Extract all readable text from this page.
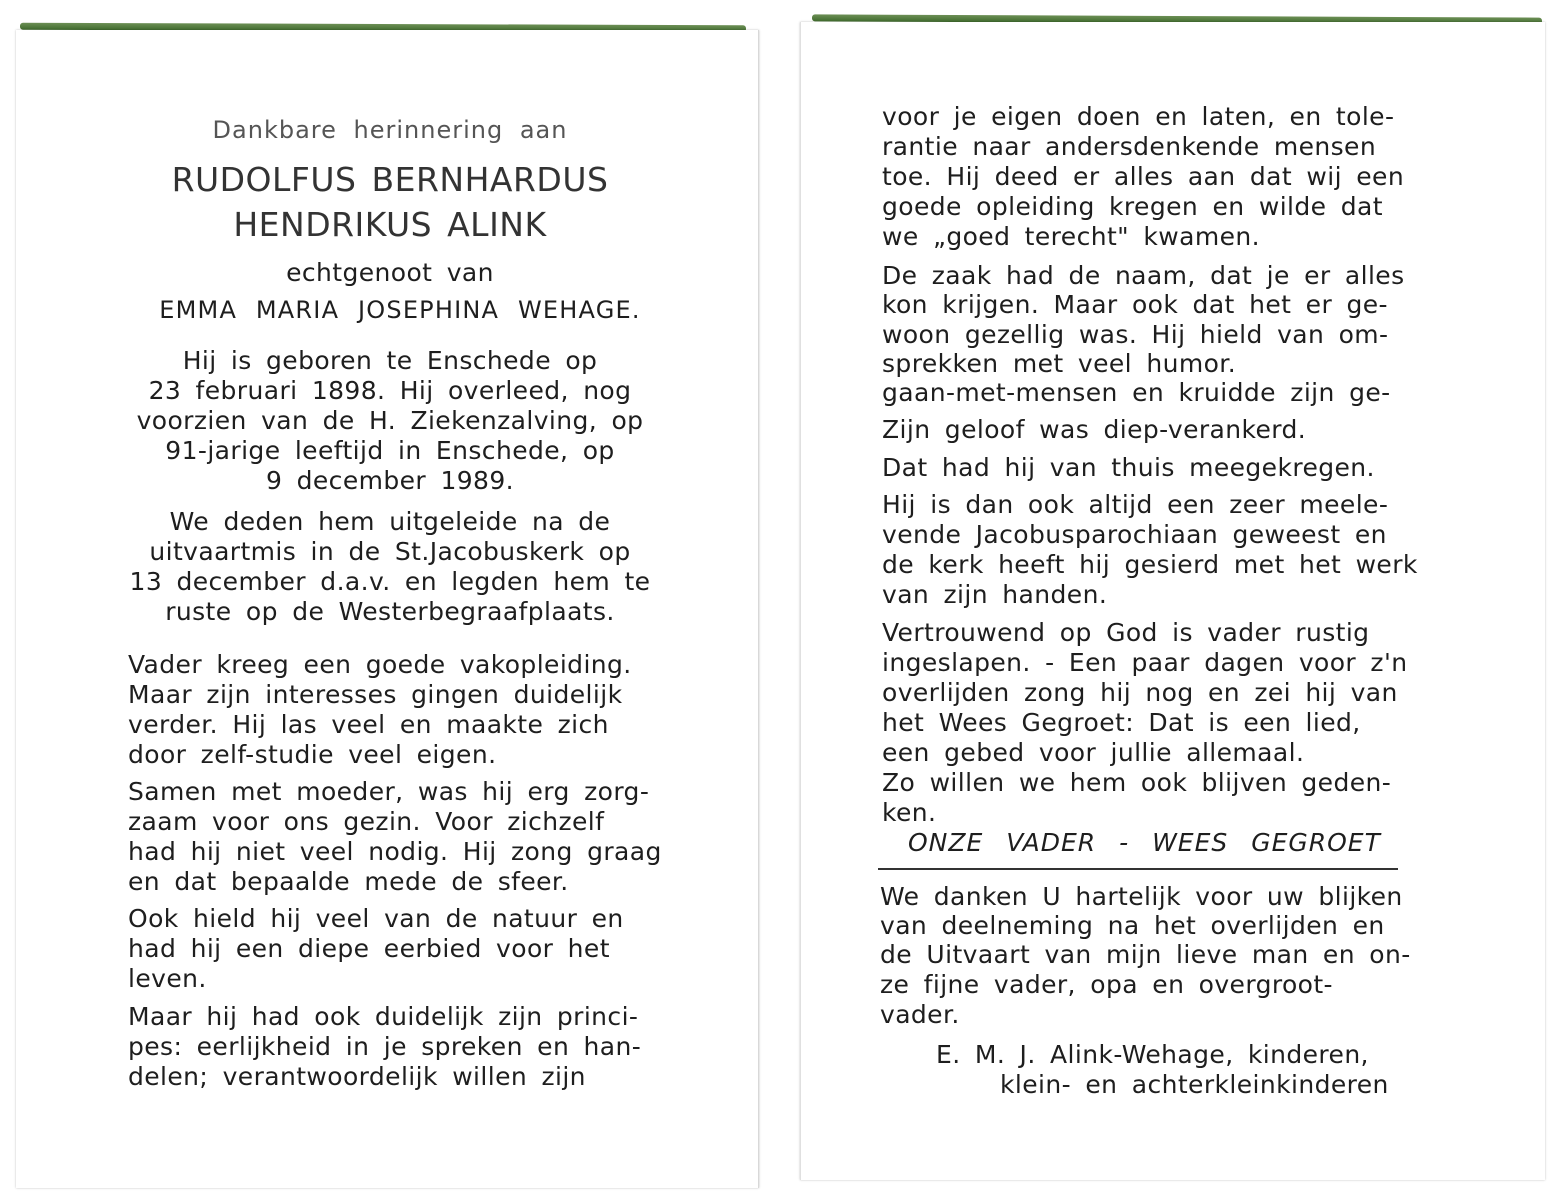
Dankbare herinnering aan
RUDOLFUS BERNHARDUS
HENDRIKUS ALINK
echtgenoot van
EMMA MARIA JOSEPHINA WEHAGE.
Hij is geboren te Enschede op
23 februari 1898. Hij overleed, nog
voorzien van de H. Ziekenzalving, op
91-jarige leeftijd in Enschede, op
9 december 1989.
We deden hem uitgeleide na de
uitvaartmis in de St.Jacobuskerk op
13 december d.a.v. en legden hem te
ruste op de Westerbegraafplaats.
Vader kreeg een goede vakopleiding.
Maar zijn interesses gingen duidelijk
verder. Hij las veel en maakte zich
door zelf-studie veel eigen.
Samen met moeder, was hij erg zorg-
zaam voor ons gezin. Voor zichzelf
had hij niet veel nodig. Hij zong graag
en dat bepaalde mede de sfeer.
Ook hield hij veel van de natuur en
had hij een diepe eerbied voor het
leven.
Maar hij had ook duidelijk zijn princi-
pes: eerlijkheid in je spreken en han-
delen; verantwoordelijk willen zijn
voor je eigen doen en laten, en tole-
rantie naar andersdenkende mensen
toe. Hij deed er alles aan dat wij een
goede opleiding kregen en wilde dat
we „goed terecht" kwamen.
De zaak had de naam, dat je er alles
kon krijgen. Maar ook dat het er ge-
woon gezellig was. Hij hield van om-
sprekken met veel humor.
gaan-met-mensen en kruidde zijn ge-
Zijn geloof was diep-verankerd.
Dat had hij van thuis meegekregen.
Hij is dan ook altijd een zeer meele-
vende Jacobusparochiaan geweest en
de kerk heeft hij gesierd met het werk
van zijn handen.
Vertrouwend op God is vader rustig
ingeslapen. - Een paar dagen voor z'n
overlijden zong hij nog en zei hij van
het Wees Gegroet: Dat is een lied,
een gebed voor jullie allemaal.
Zo willen we hem ook blijven geden-
ken.
ONZE VADER - WEES GEGROET
We danken U hartelijk voor uw blijken
van deelneming na het overlijden en
de Uitvaart van mijn lieve man en on-
ze fijne vader, opa en overgroot-
vader.
E. M. J. Alink-Wehage, kinderen,
klein- en achterkleinkinderen
